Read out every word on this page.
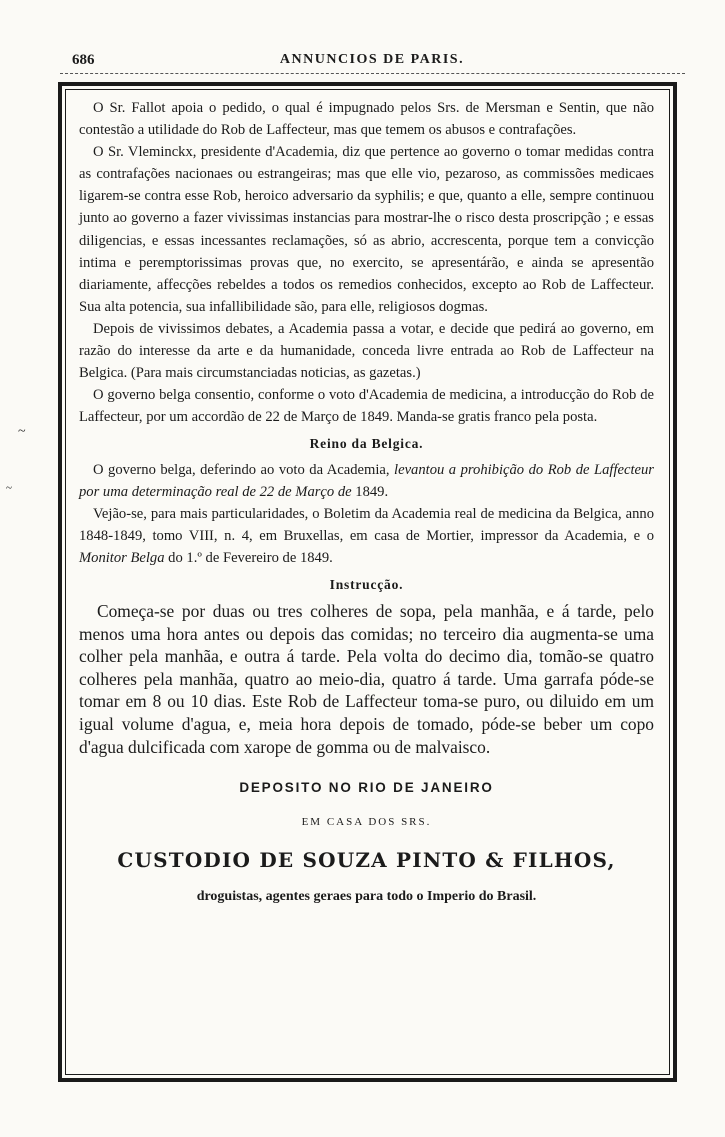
686	ANNUNCIOS DE PARIS.
~
~

O Sr. Fallot apoia o pedido, o qual é impugnado pelos Srs. de Mersman e Sentin, que não contestão a utilidade do Rob de Laffecteur, mas que temem os abusos e contrafações.

O Sr. Vleminckx, presidente d'Academia, diz que pertence ao governo o tomar medidas contra as contrafações nacionaes ou estrangeiras; mas que elle vio, pezaroso, as commissões medicaes ligarem-se contra esse Rob, heroico adversario da syphilis; e que, quanto a elle, sempre continuou junto ao governo a fazer vivissimas instancias para mostrar-lhe o risco desta proscripção ; e essas diligencias, e essas incessantes reclamações, só as abrio, accrescenta, porque tem a convicção intima e peremptorissimas provas que, no exercito, se apresentárão, e ainda se apresentão diariamente, affecções rebeldes a todos os remedios conhecidos, excepto ao Rob de Laffecteur. Sua alta potencia, sua infallibilidade são, para elle, religiosos dogmas.

Depois de vivissimos debates, a Academia passa a votar, e decide que pedirá ao governo, em razão do interesse da arte e da humanidade, conceda livre entrada ao Rob de Laffecteur na Belgica. (Para mais circumstanciadas noticias, as gazetas.)

O governo belga consentio, conforme o voto d'Academia de medicina, a introducção do Rob de Laffecteur, por um accordão de 22 de Março de 1849. Manda-se gratis franco pela posta.

Reino da Belgica.

O governo belga, deferindo ao voto da Academia, levantou a prohibição do Rob de Laffecteur por uma determinação real de 22 de Março de 1849.

Vejão-se, para mais particularidades, o Boletim da Academia real de medicina da Belgica, anno 1848-1849, tomo VIII, n. 4, em Bruxellas, em casa de Mortier, impressor da Academia, e o Monitor Belga do 1.º de Fevereiro de 1849.

Instrucção.

Começa-se por duas ou tres colheres de sopa, pela manhãa, e á tarde, pelo menos uma hora antes ou depois das comidas; no terceiro dia augmenta-se uma colher pela manhãa, e outra á tarde. Pela volta do decimo dia, tomão-se quatro colheres pela manhãa, quatro ao meio-dia, quatro á tarde. Uma garrafa póde-se tomar em 8 ou 10 dias. Este Rob de Laffecteur toma-se puro, ou diluido em um igual volume d'agua, e, meia hora depois de tomado, póde-se beber um copo d'agua dulcificada com xarope de gomma ou de malvaisco.

DEPOSITO NO RIO DE JANEIRO
EM CASA DOS SRS.
CUSTODIO DE SOUZA PINTO & FILHOS,
droguistas, agentes geraes para todo o Imperio do Brasil.
